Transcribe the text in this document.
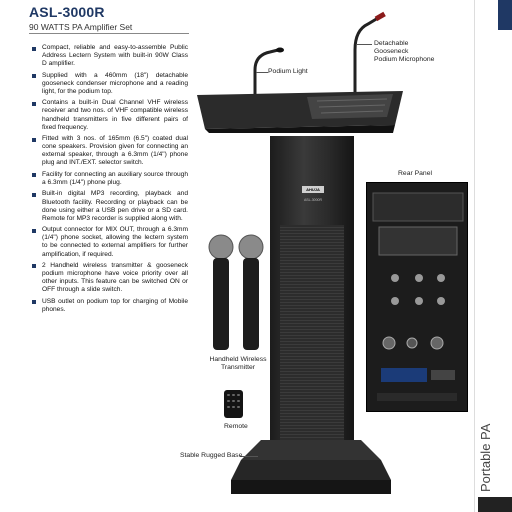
ASL-3000R
90 WATTS PA Amplifier Set
Compact, reliable and easy-to-assemble Public Address Lectern System with built-in 90W Class D amplifier.
Supplied with a 460mm (18") detachable gooseneck condenser microphone and a reading light, for the podium top.
Contains a built-in Dual Channel VHF wireless receiver and two nos. of VHF compatible wireless handheld transmitters in five different pairs of fixed frequency.
Fitted with 3 nos. of 165mm (6.5") coated dual cone speakers. Provision given for connecting an external speaker, through a 6.3mm (1/4") phone plug and INT./EXT. selector switch.
Facility for connecting an auxiliary source through a 6.3mm (1/4") phone plug.
Built-in digital MP3 recording, playback and Bluetooth facility. Recording or playback can be done using either a USB pen drive or a SD card. Remote for MP3 recorder is supplied along with.
Output connector for MIX OUT, through a 6.3mm (1/4") phone socket, allowing the lectern system to be connected to external amplifiers for further amplification, if required.
2 Handheld wireless transmitter & gooseneck podium microphone have voice priority over all other inputs. This feature can be switched ON or OFF through a slide switch.
USB outlet on podium top for charging of Mobile phones.
AHUJA
ASL-3000R
Podium Light
Detachable
Gooseneck
Podium Microphone
Rear Panel
Handheld Wireless
Transmitter
Remote
Stable Rugged Base	Portable PA
